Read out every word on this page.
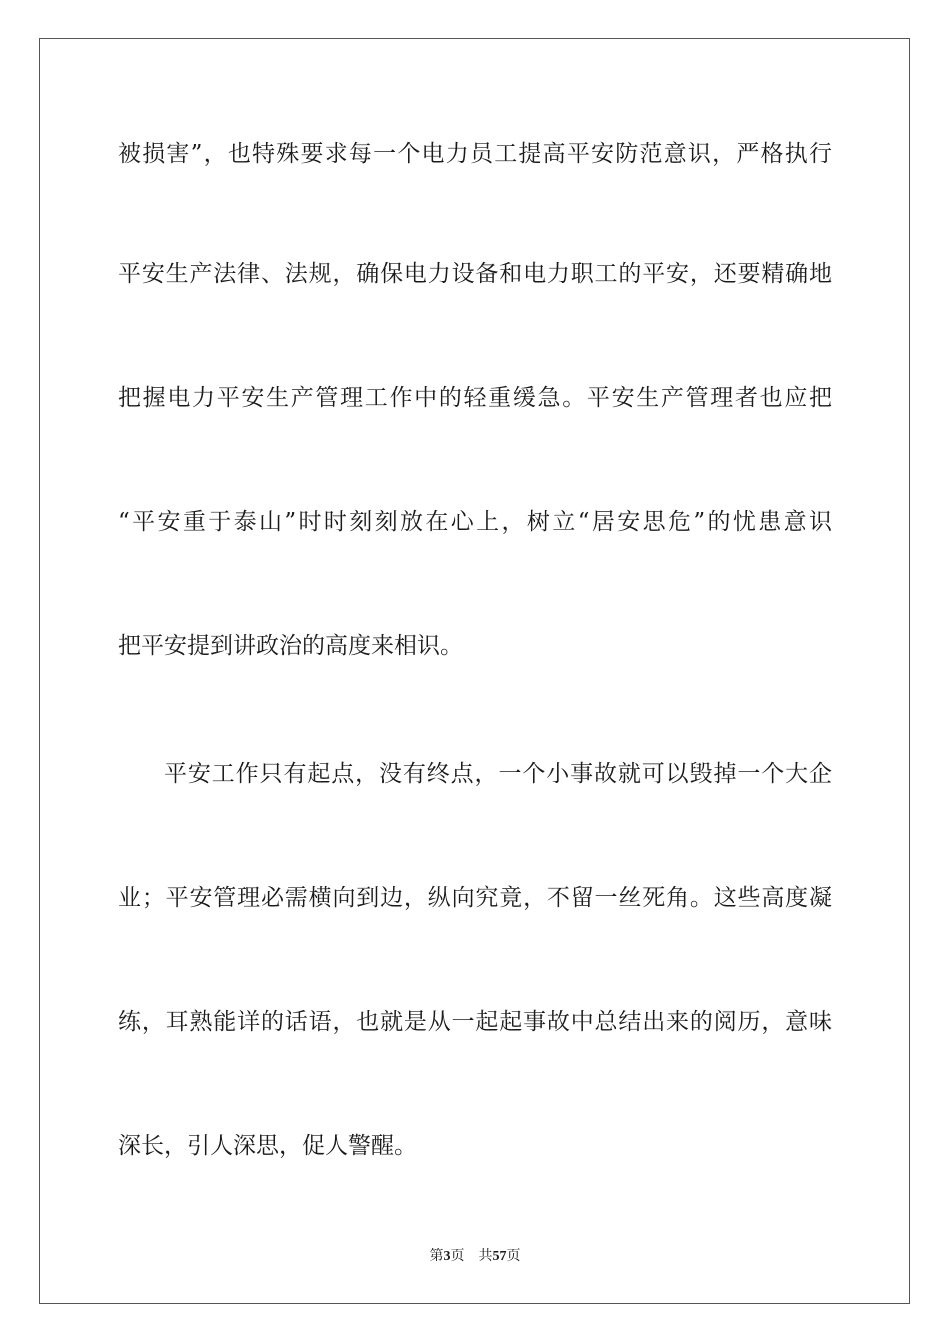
被损害”，也特殊要求每一个电力员工提高平安防范意识，严格执行
平安生产法律、法规，确保电力设备和电力职工的平安，还要精确地
把握电力平安生产管理工作中的轻重缓急。平安生产管理者也应把
“平安重于泰山”时时刻刻放在心上，树立“居安思危”的忧患意识
把平安提到讲政治的高度来相识。
平安工作只有起点，没有终点，一个小事故就可以毁掉一个大企
业；平安管理必需横向到边，纵向究竟，不留一丝死角。这些高度凝
练，耳熟能详的话语，也就是从一起起事故中总结出来的阅历，意味
深长，引人深思，促人警醒。
第3页 共57页
